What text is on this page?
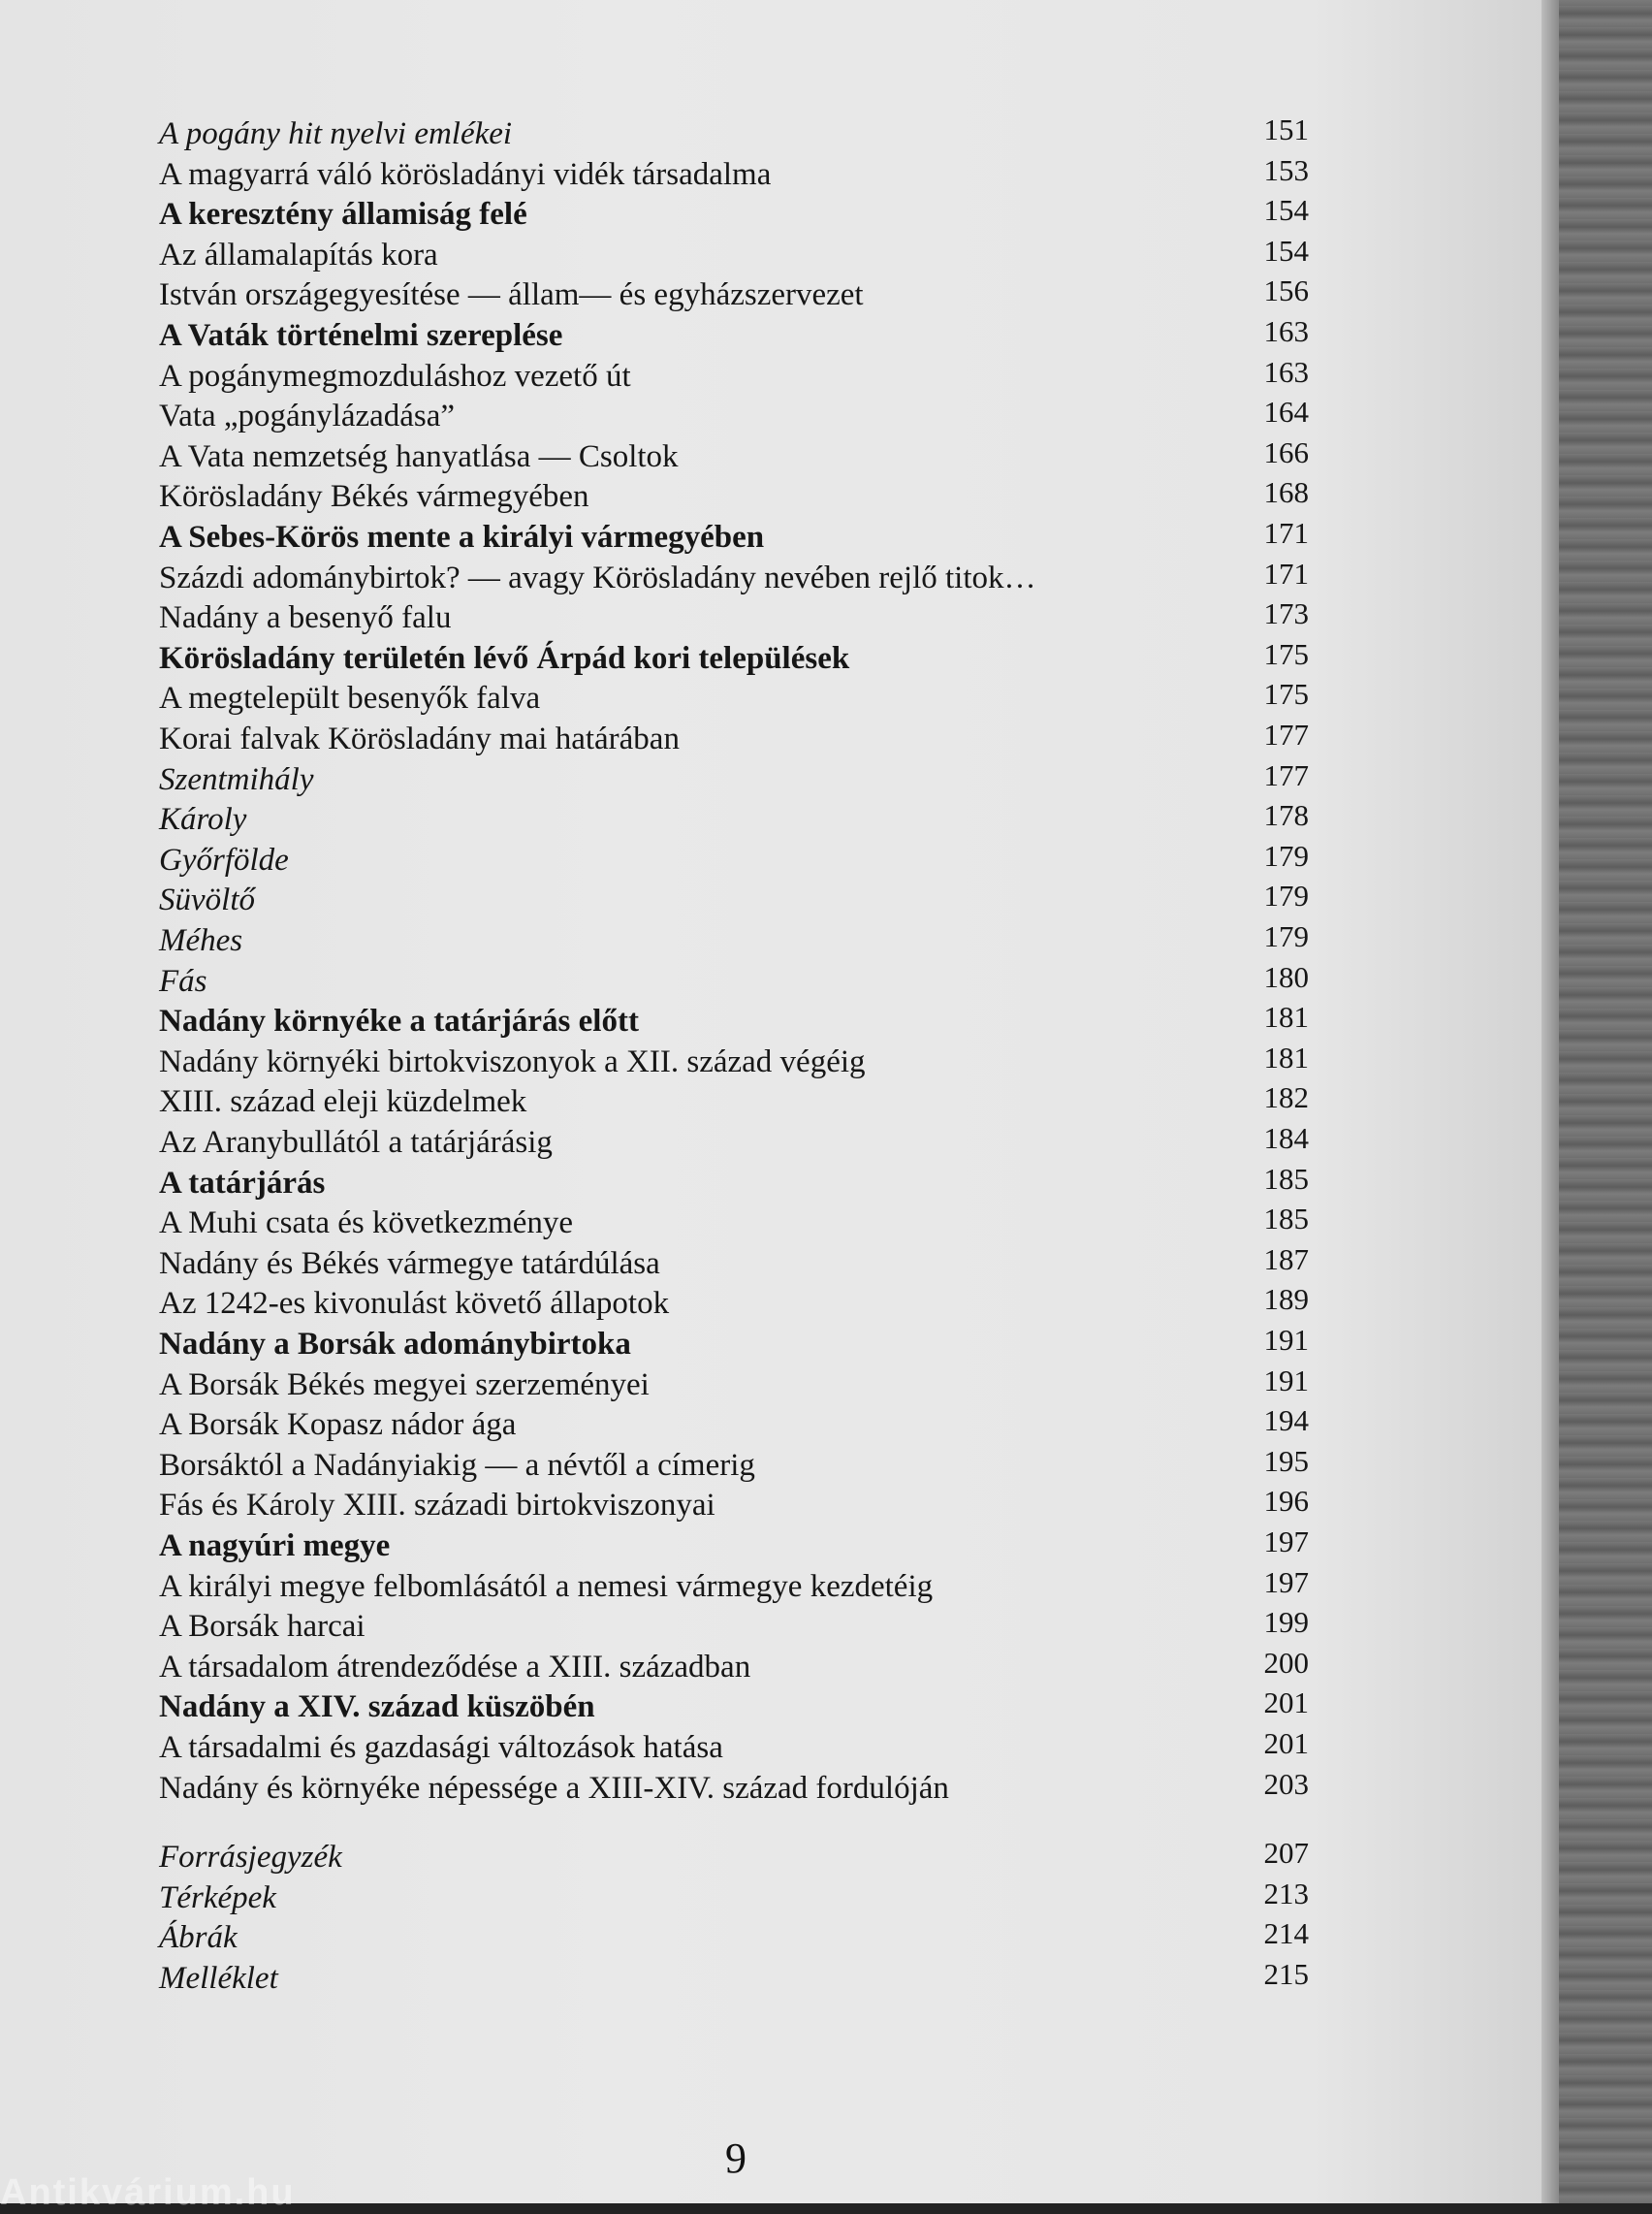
A pogány hit nyelvi emlékei	151
A magyarrá váló körösladányi vidék társadalma	153
A keresztény államiság felé	154
Az államalapítás kora	154
István országegyesítése — állam— és egyházszervezet	156
A Vaták történelmi szereplése	163
A pogánymegmozduláshoz vezető út	163
Vata „pogánylázadása”	164
A Vata nemzetség hanyatlása — Csoltok	166
Körösladány Békés vármegyében	168
A Sebes-Körös mente a királyi vármegyében	171
Százdi adománybirtok? — avagy Körösladány nevében rejlő titok…	171
Nadány a besenyő falu	173
Körösladány területén lévő Árpád kori települések	175
A megtelepült besenyők falva	175
Korai falvak Körösladány mai határában	177
Szentmihály	177
Károly	178
Győrfölde	179
Süvöltő	179
Méhes	179
Fás	180
Nadány környéke a tatárjárás előtt	181
Nadány környéki birtokviszonyok a XII. század végéig	181
XIII. század eleji küzdelmek	182
Az Aranybullától a tatárjárásig	184
A tatárjárás	185
A Muhi csata és következménye	185
Nadány és Békés vármegye tatárdúlása	187
Az 1242-es kivonulást követő állapotok	189
Nadány a Borsák adománybirtoka	191
A Borsák Békés megyei szerzeményei	191
A Borsák Kopasz nádor ága	194
Borsáktól a Nadányiakig — a névtől a címerig	195
Fás és Károly XIII. századi birtokviszonyai	196
A nagyúri megye	197
A királyi megye felbomlásától a nemesi vármegye kezdetéig	197
A Borsák harcai	199
A társadalom átrendeződése a XIII. században	200
Nadány a XIV. század küszöbén	201
A társadalmi és gazdasági változások hatása	201
Nadány és környéke népessége a XIII-XIV. század fordulóján	203
Forrásjegyzék	207
Térképek	213
Ábrák	214
Melléklet	215
9
Antikvárium.hu
